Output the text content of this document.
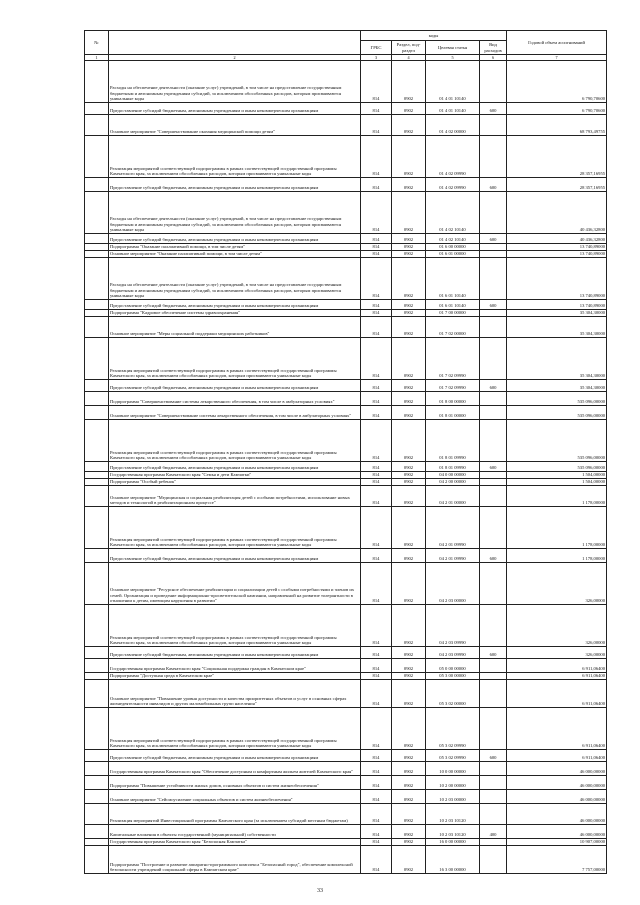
№		коды				Годовой объем ассигнований
		ГРБС	Раздел, под-раздел	Целевая статья	Вид расходов	
1	2	3	4	5	6	7
	Расходы на обеспечение деятельности (оказание услуг) учреждений, в том числе на предоставление государственным бюджетным и автономным учреждениям субсидий, за исключением обособленных расходов, которым присваиваются уникальные коды	814	0902	01 4 01 10140		6 790,70600
	Предоставление субсидий бюджетным, автономным учреждениям и иным некоммерческим организациям	814	0902	01 4 01 10140	600	6 790,70600
	Основное мероприятие "Совершенствование оказания медицинской помощи детям"	814	0902	01 4 02 00000		68 793,49755
	Реализация мероприятий соответствующей подпрограммы в рамках соответствующей государственной программы Камчатского края, за исключением обособленных расходов, которым присваиваются уникальные коды	814	0902	01 4 02 09990		28 357,16955
	Предоставление субсидий бюджетным, автономным учреждениям и иным некоммерческим организациям	814	0902	01 4 02 09990	600	28 357,16955
	Расходы на обеспечение деятельности (оказание услуг) учреждений, в том числе на предоставление государственным бюджетным и автономным учреждениям субсидий, за исключением обособленных расходов, которым присваиваются уникальные коды	814	0902	01 4 02 10140		40 436,32800
	Предоставление субсидий бюджетным, автономным учреждениям и иным некоммерческим организациям	814	0902	01 4 02 10140	600	40 436,32800
	Подпрограмма "Оказание паллиативной помощи, в том числе детям"	814	0902	01 6 00 00000		13 740,89000
	Основное мероприятие "Оказание паллиативной помощи, в том числе детям"	814	0902	01 6 01 00000		13 740,89000
	Расходы на обеспечение деятельности (оказание услуг) учреждений, в том числе на предоставление государственным бюджетным и автономным учреждениям субсидий, за исключением обособленных расходов, которым присваиваются уникальные коды	814	0902	01 6 01 10140		13 740,89000
	Предоставление субсидий бюджетным, автономным учреждениям и иным некоммерческим организациям	814	0902	01 6 01 10140	600	13 740,89000
	Подпрограмма "Кадровое обеспечение системы здравоохранения"	814	0902	01 7 00 00000		35 304,30000
	Основное мероприятие "Меры социальной поддержки медицинских работников"	814	0902	01 7 02 00000		35 304,30000
	Реализация мероприятий соответствующей подпрограммы в рамках соответствующей государственной программы Камчатского края, за исключением обособленных расходов, которым присваиваются уникальные коды	814	0902	01 7 02 09990		35 304,30000
	Предоставление субсидий бюджетным, автономным учреждениям и иным некоммерческим организациям	814	0902	01 7 02 09990	600	35 304,30000
	Подпрограмма "Совершенствование системы лекарственного обеспечения, в том числе в амбулаторных условиях"	814	0902	01 8 00 00000		535 096,00000
	Основное мероприятие "Совершенствование системы лекарственного обеспечения, в том числе в амбулаторных условиях"	814	0902	01 8 01 00000		535 096,00000
	Реализация мероприятий соответствующей подпрограммы в рамках соответствующей государственной программы Камчатского края, за исключением обособленных расходов, которым присваиваются уникальные коды	814	0902	01 8 01 09990		535 096,00000
	Предоставление субсидий бюджетным, автономным учреждениям и иным некоммерческим организациям	814	0902	01 8 01 09990	600	535 096,00000
	Государственная программа Камчатского края "Семья и дети Камчатки"	814	0902	04 0 00 00000		1 504,00000
	Подпрограмма "Особый ребенок"	814	0902	04 2 00 00000		1 504,00000
	Основное мероприятие "Медицинская и социальная реабилитация детей с особыми потребностями, использование новых методов и технологий в реабилитационном процессе"	814	0902	04 2 01 00000		1 178,00000
	Реализация мероприятий соответствующей подпрограммы в рамках соответствующей государственной программы Камчатского края, за исключением обособленных расходов, которым присваиваются уникальные коды	814	0902	04 2 01 09990		1 178,00000
	Предоставление субсидий бюджетным, автономным учреждениям и иным некоммерческим организациям	814	0902	04 2 01 09990	600	1 178,00000
	Основное мероприятие "Ресурсное обеспечение реабилитации и социализации детей с особыми потребностями и членов их семей. Организация и проведение информационно-просветительской кампании, направленной на развитие толерантности в отношении к детям, имеющим нарушения в развитии"	814	0902	04 2 03 00000		326,00000
	Реализация мероприятий соответствующей подпрограммы в рамках соответствующей государственной программы Камчатского края, за исключением обособленных расходов, которым присваиваются уникальные коды	814	0902	04 2 03 09990		326,00000
	Предоставление субсидий бюджетным, автономным учреждениям и иным некоммерческим организациям	814	0902	04 2 03 09990	600	326,00000
	Государственная программа Камчатского края "Социальная поддержка граждан в Камчатском крае"	814	0902	05 0 00 00000		6 911,06400
	Подпрограмма "Доступная среда в Камчатском крае"	814	0902	05 3 00 00000		6 911,06400
	Основное мероприятие "Повышение уровня доступности и качества приоритетных объектов и услуг в основных сферах жизнедеятельности инвалидов и других маломобильных групп населения"	814	0902	05 3 02 00000		6 911,06400
	Реализация мероприятий соответствующей подпрограммы в рамках соответствующей государственной программы Камчатского края, за исключением обособленных расходов, которым присваиваются уникальные коды	814	0902	05 3 02 09990		6 911,06400
	Предоставление субсидий бюджетным, автономным учреждениям и иным некоммерческим организациям	814	0902	05 3 02 09990	600	6 911,06400
	Государственная программа Камчатского края "Обеспечение доступным и комфортным жильем жителей Камчатского края"	814	0902	10 0 00 00000		46 000,00000
	Подпрограмма "Повышение устойчивости жилых домов, основных объектов и систем жизнеобеспечения"	814	0902	10 2 00 00000		46 000,00000
	Основное мероприятие "Сейсмоусиление социальных объектов и систем жизнеобеспечения"	814	0902	10 2 03 00000		46 000,00000
	Реализация мероприятий Инвестиционной программы Камчатского края (за исключением субсидий местным бюджетам)	814	0902	10 2 03 10120		46 000,00000
	Капитальные вложения в объекты государственной (муниципальной) собственности	814	0902	10 2 03 10120	400	46 000,00000
	Государственная программа Камчатского края "Безопасная Камчатка"	814	0902	16 0 00 00000		10 907,00000
	Подпрограмма "Построение и развитие аппаратно-программного комплекса "Безопасный город", обеспечение комплексной безопасности учреждений социальной сферы в Камчатском крае"	814	0902	16 3 00 00000		7 757,00000
33
